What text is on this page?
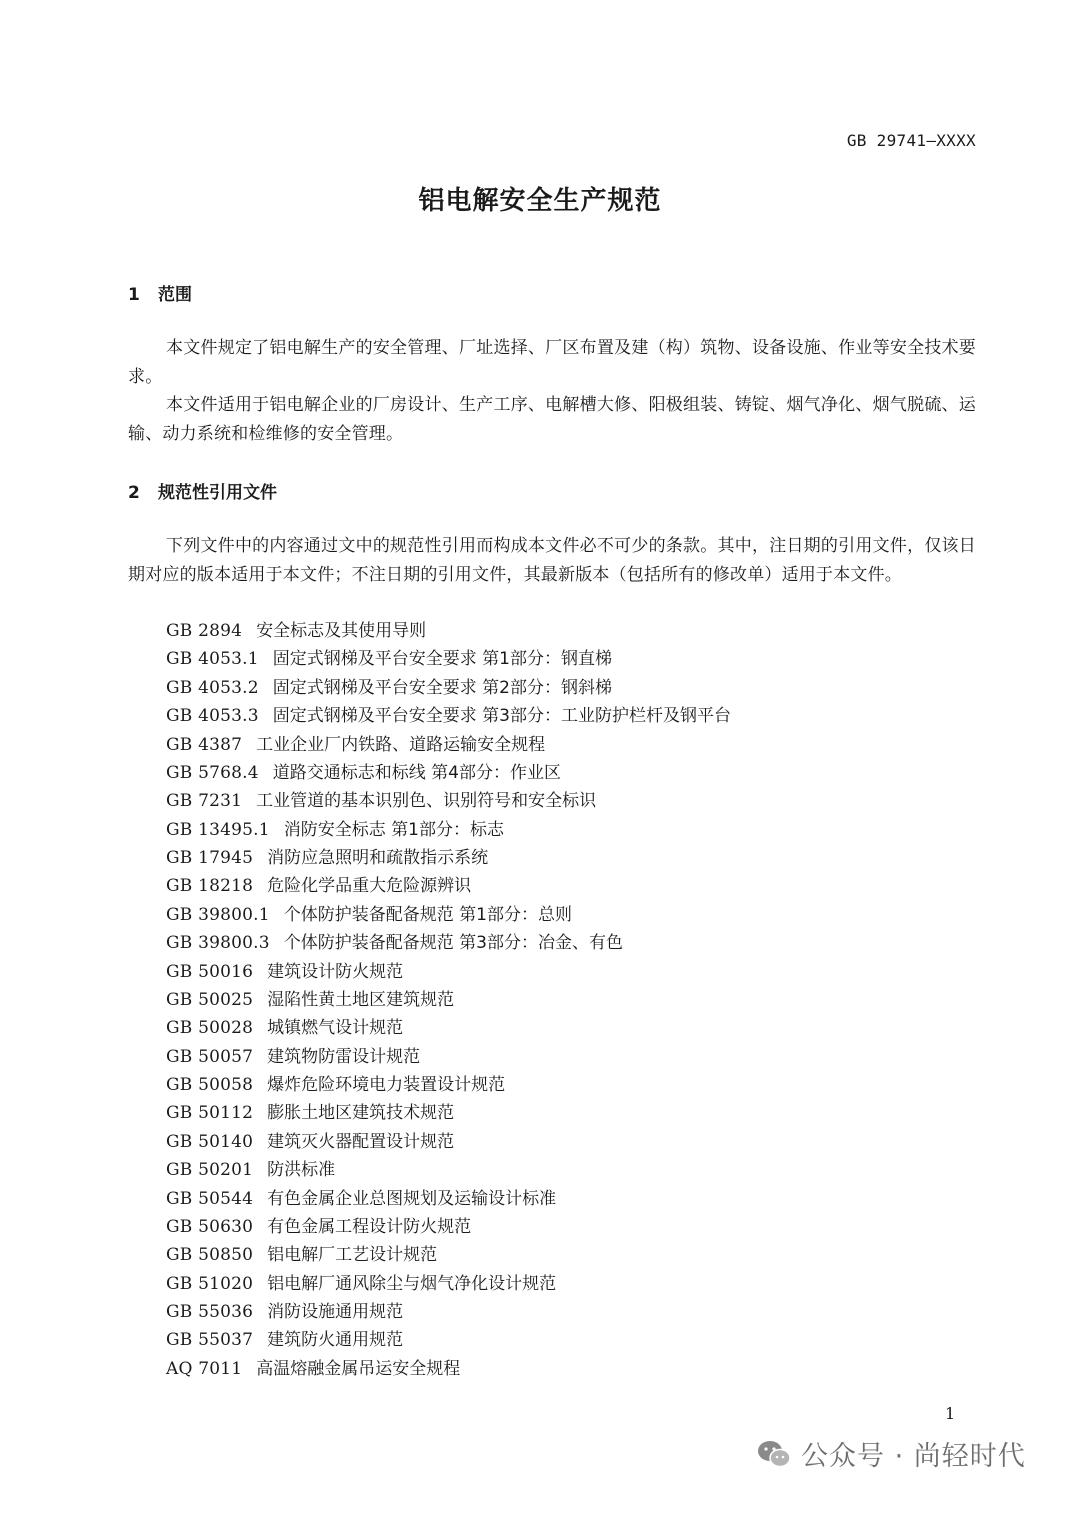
GB 29741—XXXX
铝电解安全生产规范
1 范围

本文件规定了铝电解生产的安全管理、厂址选择、厂区布置及建（构）筑物、设备设施、作业等安全技术要求。

本文件适用于铝电解企业的厂房设计、生产工序、电解槽大修、阳极组装、铸锭、烟气净化、烟气脱硫、运输、动力系统和检维修的安全管理。

2 规范性引用文件

下列文件中的内容通过文中的规范性引用而构成本文件必不可少的条款。其中，注日期的引用文件，仅该日期对应的版本适用于本文件；不注日期的引用文件，其最新版本（包括所有的修改单）适用于本文件。

GB 2894 安全标志及其使用导则
GB 4053.1 固定式钢梯及平台安全要求 第1部分：钢直梯
GB 4053.2 固定式钢梯及平台安全要求 第2部分：钢斜梯
GB 4053.3 固定式钢梯及平台安全要求 第3部分：工业防护栏杆及钢平台
GB 4387 工业企业厂内铁路、道路运输安全规程
GB 5768.4 道路交通标志和标线 第4部分：作业区
GB 7231 工业管道的基本识别色、识别符号和安全标识
GB 13495.1 消防安全标志 第1部分：标志
GB 17945 消防应急照明和疏散指示系统
GB 18218 危险化学品重大危险源辨识
GB 39800.1 个体防护装备配备规范 第1部分：总则
GB 39800.3 个体防护装备配备规范 第3部分：冶金、有色
GB 50016 建筑设计防火规范
GB 50025 湿陷性黄土地区建筑规范
GB 50028 城镇燃气设计规范
GB 50057 建筑物防雷设计规范
GB 50058 爆炸危险环境电力装置设计规范
GB 50112 膨胀土地区建筑技术规范
GB 50140 建筑灭火器配置设计规范
GB 50201 防洪标准
GB 50544 有色金属企业总图规划及运输设计标准
GB 50630 有色金属工程设计防火规范
GB 50850 铝电解厂工艺设计规范
GB 51020 铝电解厂通风除尘与烟气净化设计规范
GB 55036 消防设施通用规范
GB 55037 建筑防火通用规范
AQ 7011 高温熔融金属吊运安全规程
1
公众号 · 尚轻时代
